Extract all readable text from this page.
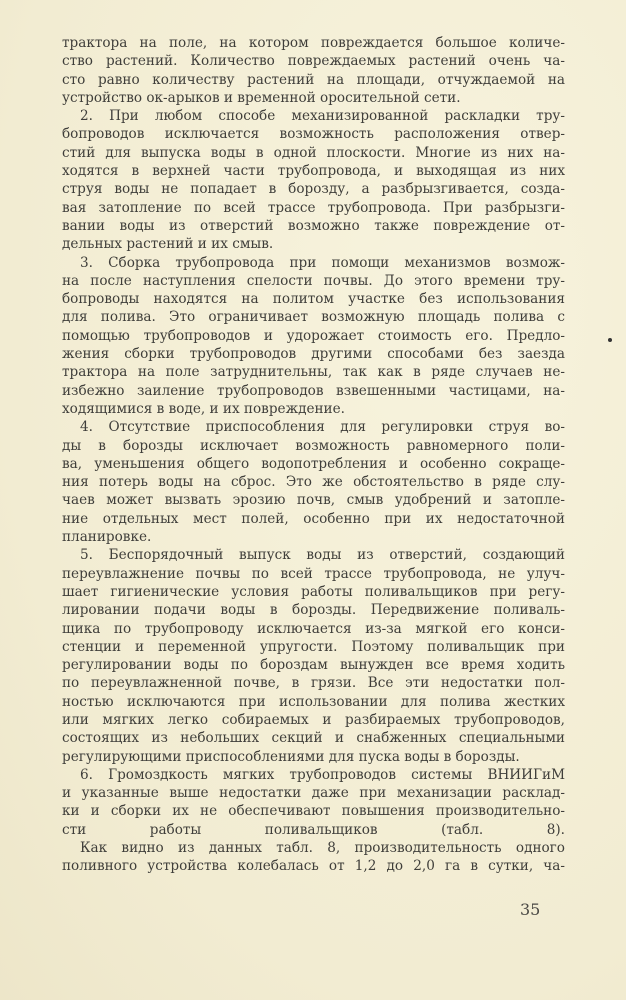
трактора на поле, на котором повреждается большое количе-
ство растений. Количество повреждаемых растений очень ча-
сто равно количеству растений на площади, отчуждаемой на
устройство ок-арыков и временной оросительной сети.
2. При любом способе механизированной раскладки тру-
бопроводов исключается возможность расположения отвер-
стий для выпуска воды в одной плоскости. Многие из них на-
ходятся в верхней части трубопровода, и выходящая из них
струя воды не попадает в борозду, а разбрызгивается, созда-
вая затопление по всей трассе трубопровода. При разбрызги-
вании воды из отверстий возможно также повреждение от-
дельных растений и их смыв.
3. Сборка трубопровода при помощи механизмов возмож-
на после наступления спелости почвы. До этого времени тру-
бопроводы находятся на политом участке без использования
для полива. Это ограничивает возможную площадь полива с
помощью трубопроводов и удорожает стоимость его. Предло-
жения сборки трубопроводов другими способами без заезда
трактора на поле затруднительны, так как в ряде случаев не-
избежно заиление трубопроводов взвешенными частицами, на-
ходящимися в воде, и их повреждение.
4. Отсутствие приспособления для регулировки струя во-
ды в борозды исключает возможность равномерного поли-
ва, уменьшения общего водопотребления и особенно сокраще-
ния потерь воды на сброс. Это же обстоятельство в ряде слу-
чаев может вызвать эрозию почв, смыв удобрений и затопле-
ние отдельных мест полей, особенно при их недостаточной
планировке.
5. Беспорядочный выпуск воды из отверстий, создающий
переувлажнение почвы по всей трассе трубопровода, не улуч-
шает гигиенические условия работы поливальщиков при регу-
лировании подачи воды в борозды. Передвижение поливаль-
щика по трубопроводу исключается из-за мягкой его конси-
стенции и переменной упругости. Поэтому поливальщик при
регулировании воды по бороздам вынужден все время ходить
по переувлажненной почве, в грязи. Все эти недостатки пол-
ностью исключаются при использовании для полива жестких
или мягких легко собираемых и разбираемых трубопроводов,
состоящих из небольших секций и снабженных специальными
регулирующими приспособлениями для пуска воды в борозды.
6. Громоздкость мягких трубопроводов системы ВНИИГиМ
и указанные выше недостатки даже при механизации расклад-
ки и сборки их не обеспечивают повышения производительно-
сти работы поливальщиков (табл. 8).
Как видно из данных табл. 8, производительность одного
поливного устройства колебалась от 1,2 до 2,0 га в сутки, ча-
35
